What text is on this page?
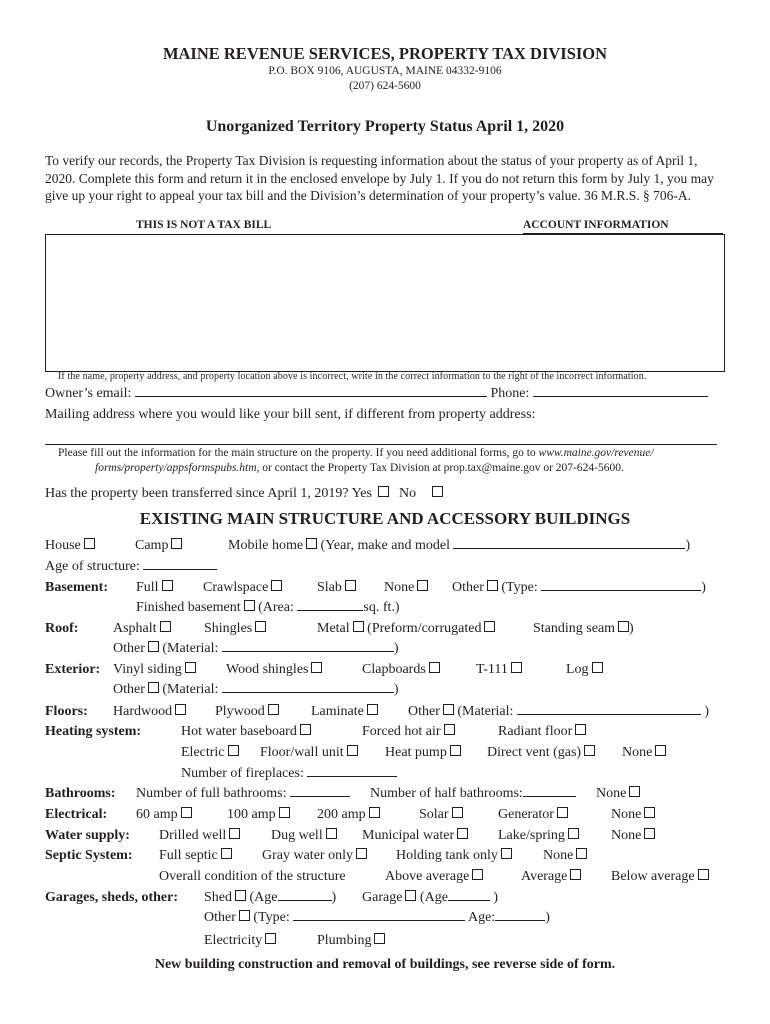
MAINE REVENUE SERVICES, PROPERTY TAX DIVISION
P.O. BOX 9106, AUGUSTA, MAINE 04332-9106
(207) 624-5600
Unorganized Territory Property Status April 1, 2020
To verify our records, the Property Tax Division is requesting information about the status of your property as of April 1,
2020. Complete this form and return it in the enclosed envelope by July 1. If you do not return this form by July 1, you may
give up your right to appeal your tax bill and the Division’s determination of your property’s value. 36 M.R.S. § 706-A.
THIS IS NOT A TAX BILL	ACCOUNT INFORMATION
If the name, property address, and property location above is incorrect, write in the correct information to the right of the incorrect information.
Owner’s email:	Phone:
Mailing address where you would like your bill sent, if different from property address:
Please fill out the information for the main structure on the property. If you need additional forms, go to www.maine.gov/revenue/
forms/property/appsformspubs.htm, or contact the Property Tax Division at prop.tax@maine.gov or 207-624-5600.
Has the property been transferred since April 1, 2019? Yes No
EXISTING MAIN STRUCTURE AND ACCESSORY BUILDINGS
House	Camp	Mobile home (Year, make and model	)
Age of structure:
Basement: Full	Crawlspace	Slab	None	Other (Type:	)
Finished basement (Area:	sq. ft.)
Roof: Asphalt	Shingles	Metal (Preform/corrugated	Standing seam )
Other (Material:	)
Exterior: Vinyl siding	Wood shingles	Clapboards	T-111	Log
Other (Material:	)
Floors: Hardwood	Plywood	Laminate	Other (Material:	)
Heating system:	Hot water baseboard	Forced hot air	Radiant floor
Electric	Floor/wall unit	Heat pump	Direct vent (gas)	None
Number of fireplaces:
Bathrooms: Number of full bathrooms:	Number of half bathrooms:	None
Electrical: 60 amp	100 amp	200 amp	Solar	Generator	None
Water supply: Drilled well	Dug well	Municipal water	Lake/spring	None
Septic System: Full septic	Gray water only	Holding tank only	None
Overall condition of the structure	Above average	Average	Below average
Garages, sheds, other: Shed (Age	) Garage (Age	)
Other (Type:	Age:	)
Electricity	Plumbing
New building construction and removal of buildings, see reverse side of form.
